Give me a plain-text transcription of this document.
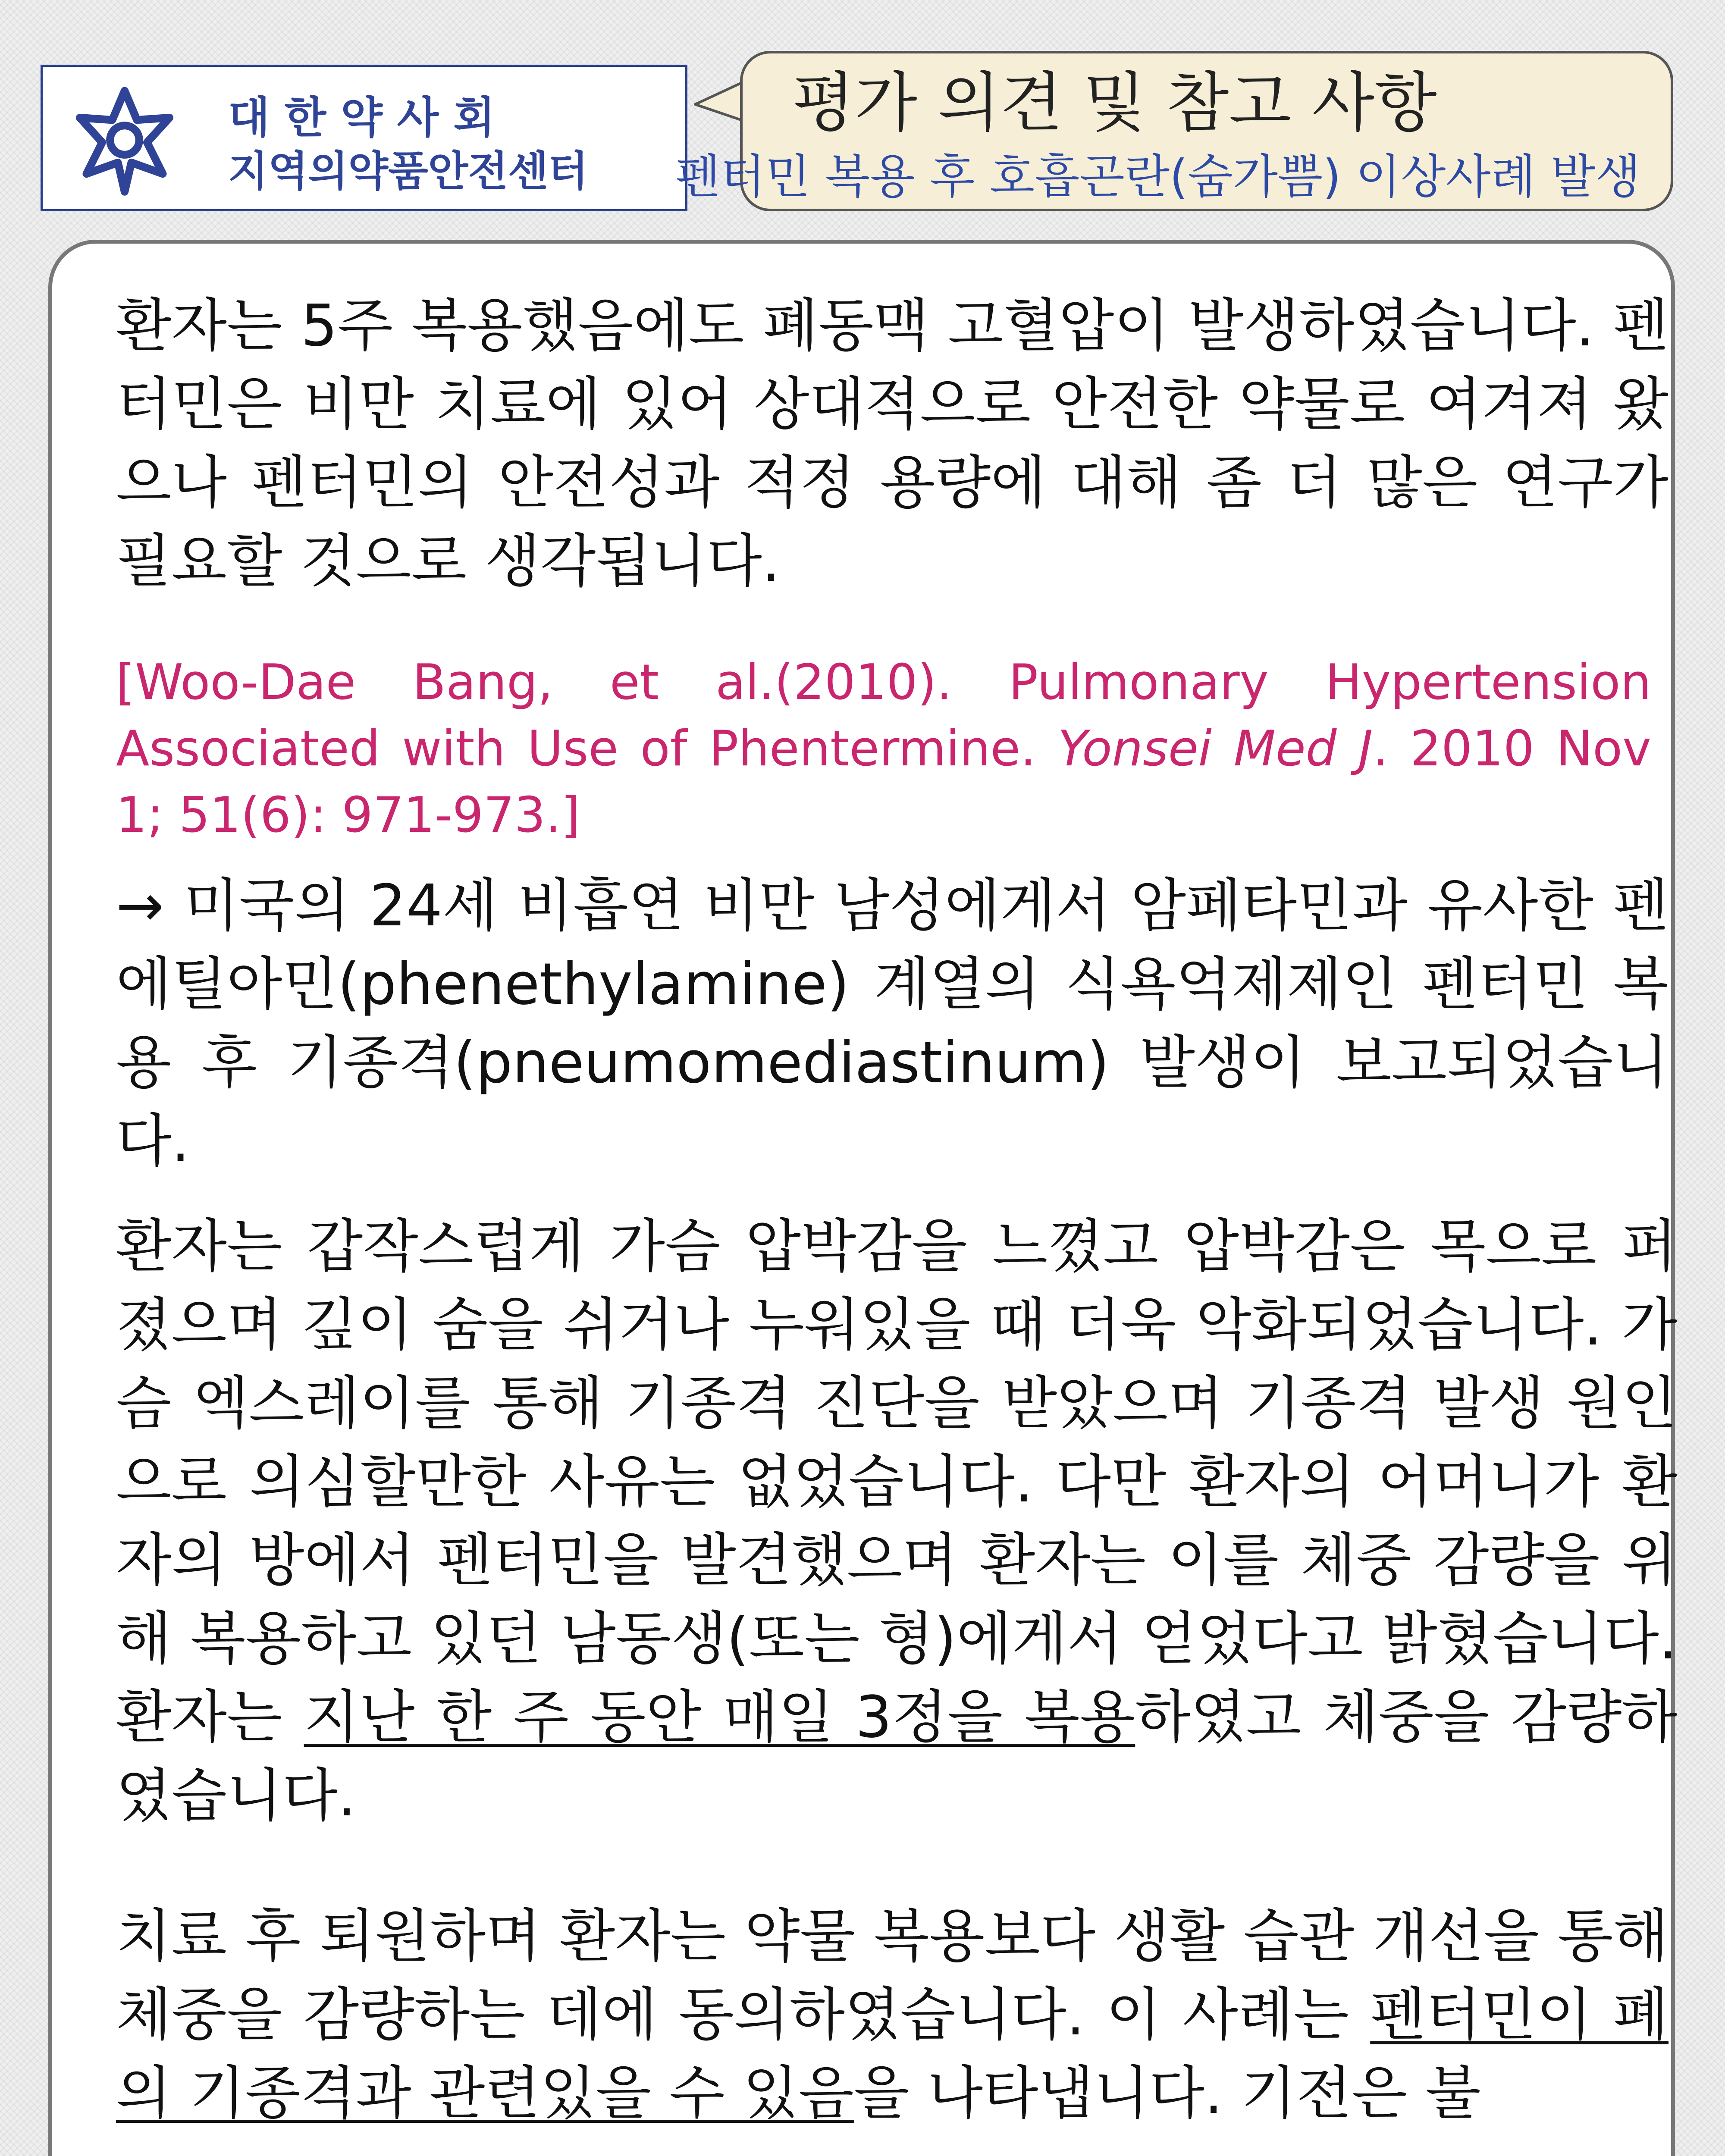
대한약사회
지역의약품안전센터
평가 의견 및 참고 사항
펜터민 복용 후 호흡곤란(숨가쁨) 이상사례 발생

환자는 5주 복용했음에도 폐동맥 고혈압이 발생하였습니다. 펜터민은 비만 치료에 있어 상대적으로 안전한 약물로 여겨져 왔으나 펜터민의 안전성과 적정 용량에 대해 좀 더 많은 연구가 필요할 것으로 생각됩니다.

[Woo-Dae Bang, et al.(2010). Pulmonary Hypertension Associated with Use of Phentermine. Yonsei Med J. 2010 Nov 1; 51(6): 971-973.]

→ 미국의 24세 비흡연 비만 남성에게서 암페타민과 유사한 펜에틸아민(phenethylamine) 계열의 식욕억제제인 펜터민 복용 후 기종격(pneumomediastinum) 발생이 보고되었습니다.

환자는 갑작스럽게 가슴 압박감을 느꼈고 압박감은 목으로 퍼졌으며 깊이 숨을 쉬거나 누워있을 때 더욱 악화되었습니다. 가슴 엑스레이를 통해 기종격 진단을 받았으며 기종격 발생 원인으로 의심할만한 사유는 없었습니다. 다만 환자의 어머니가 환자의 방에서 펜터민을 발견했으며 환자는 이를 체중 감량을 위해 복용하고 있던 남동생(또는 형)에게서 얻었다고 밝혔습니다. 환자는 지난 한 주 동안 매일 3정을 복용하였고 체중을 감량하였습니다.

치료 후 퇴원하며 환자는 약물 복용보다 생활 습관 개선을 통해 체중을 감량하는 데에 동의하였습니다. 이 사례는 펜터민이 폐의 기종격과 관련있을 수 있음을 나타냅니다. 기전은 불
